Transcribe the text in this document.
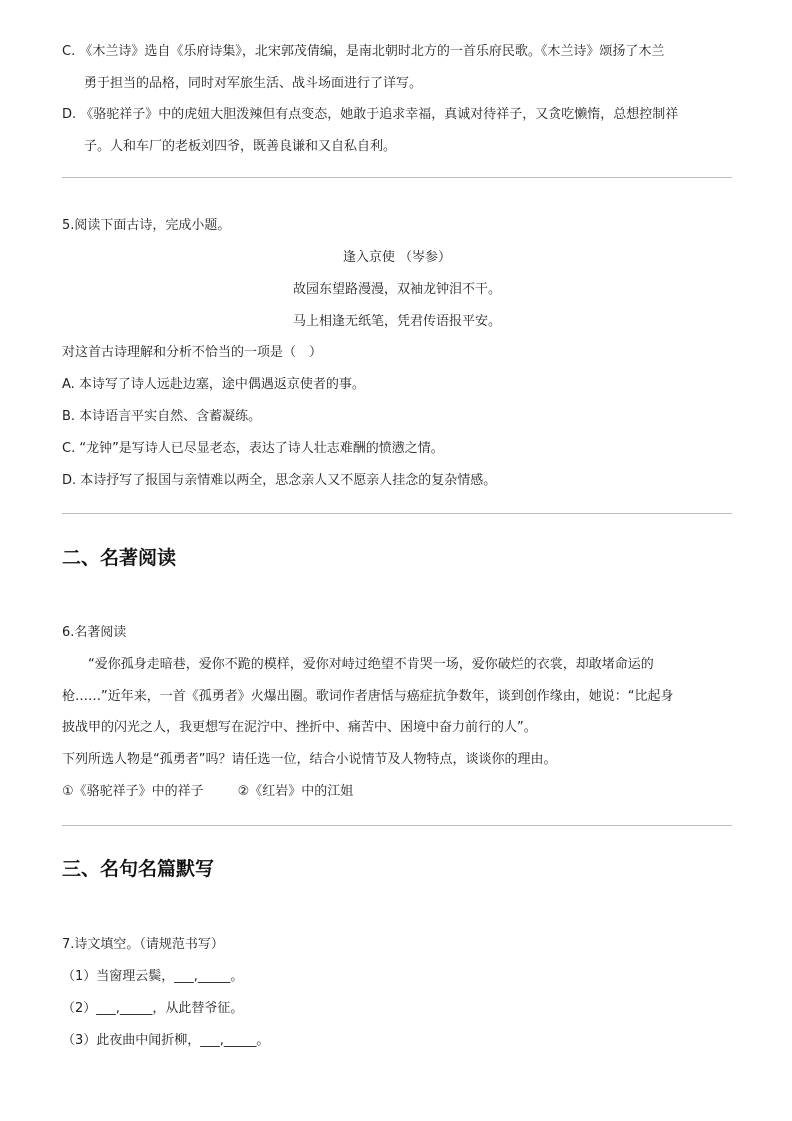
C. 《木兰诗》选自《乐府诗集》，北宋郭茂倩编，是南北朝时北方的一首乐府民歌。《木兰诗》颂扬了木兰
勇于担当的品格，同时对军旅生活、战斗场面进行了详写。
D. 《骆驼祥子》中的虎妞大胆泼辣但有点变态，她敢于追求幸福，真诚对待祥子，又贪吃懒惰，总想控制祥
子。人和车厂的老板刘四爷，既善良谦和又自私自利。
5.阅读下面古诗，完成小题。
逢入京使 （岑参）
故园东望路漫漫，双袖龙钟泪不干。
马上相逢无纸笔，凭君传语报平安。
对这首古诗理解和分析不恰当的一项是（　）
A. 本诗写了诗人远赴边塞，途中偶遇返京使者的事。
B. 本诗语言平实自然、含蓄凝练。
C. “龙钟”是写诗人已尽显老态，表达了诗人壮志难酬的愤懑之情。
D. 本诗抒写了报国与亲情难以两全，思念亲人又不愿亲人挂念的复杂情感。
二、名著阅读
6.名著阅读
“爱你孤身走暗巷，爱你不跪的模样，爱你对峙过绝望不肯哭一场，爱你破烂的衣裳，却敢堵命运的
枪……”近年来，一首《孤勇者》火爆出圈。歌词作者唐恬与癌症抗争数年，谈到创作缘由，她说：“比起身
披战甲的闪光之人，我更想写在泥泞中、挫折中、痛苦中、困境中奋力前行的人”。
下列所选人物是“孤勇者”吗？请任选一位，结合小说情节及人物特点，谈谈你的理由。
①《骆驼祥子》中的祥子	②《红岩》中的江姐
三、名句名篇默写
7.诗文填空。（请规范书写）
（1）当窗理云鬓，___,_____。
（2）___,_____，从此替爷征。
（3）此夜曲中闻折柳，___,_____。
